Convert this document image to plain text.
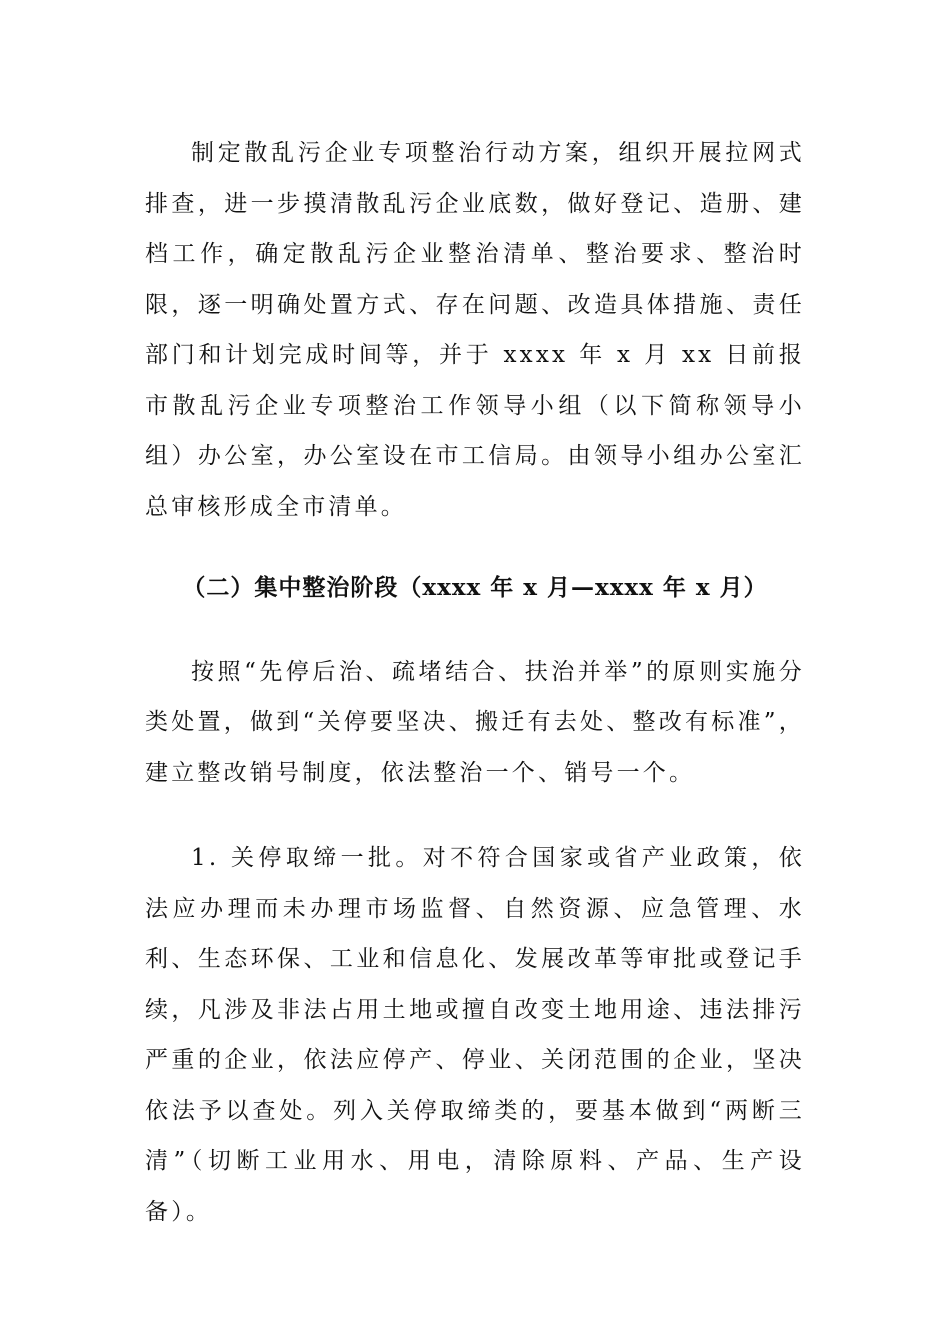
制定散乱污企业专项整治行动方案，组织开展拉网式排查，进一步摸清散乱污企业底数，做好登记、造册、建档工作，确定散乱污企业整治清单、整治要求、整治时限，逐一明确处置方式、存在问题、改造具体措施、责任部门和计划完成时间等，并于 xxxx 年 x 月 xx 日前报市散乱污企业专项整治工作领导小组（以下简称领导小组）办公室，办公室设在市工信局。由领导小组办公室汇总审核形成全市清单。

（二）集中整治阶段（xxxx 年 x 月—xxxx 年 x 月）

按照“先停后治、疏堵结合、扶治并举”的原则实施分类处置，做到“关停要坚决、搬迁有去处、整改有标准”，建立整改销号制度，依法整治一个、销号一个。

1. 关停取缔一批。对不符合国家或省产业政策，依法应办理而未办理市场监督、自然资源、应急管理、水利、生态环保、工业和信息化、发展改革等审批或登记手续，凡涉及非法占用土地或擅自改变土地用途、违法排污严重的企业，依法应停产、停业、关闭范围的企业，坚决依法予以查处。列入关停取缔类的，要基本做到“两断三清”（切断工业用水、用电，清除原料、产品、生产设备）。
